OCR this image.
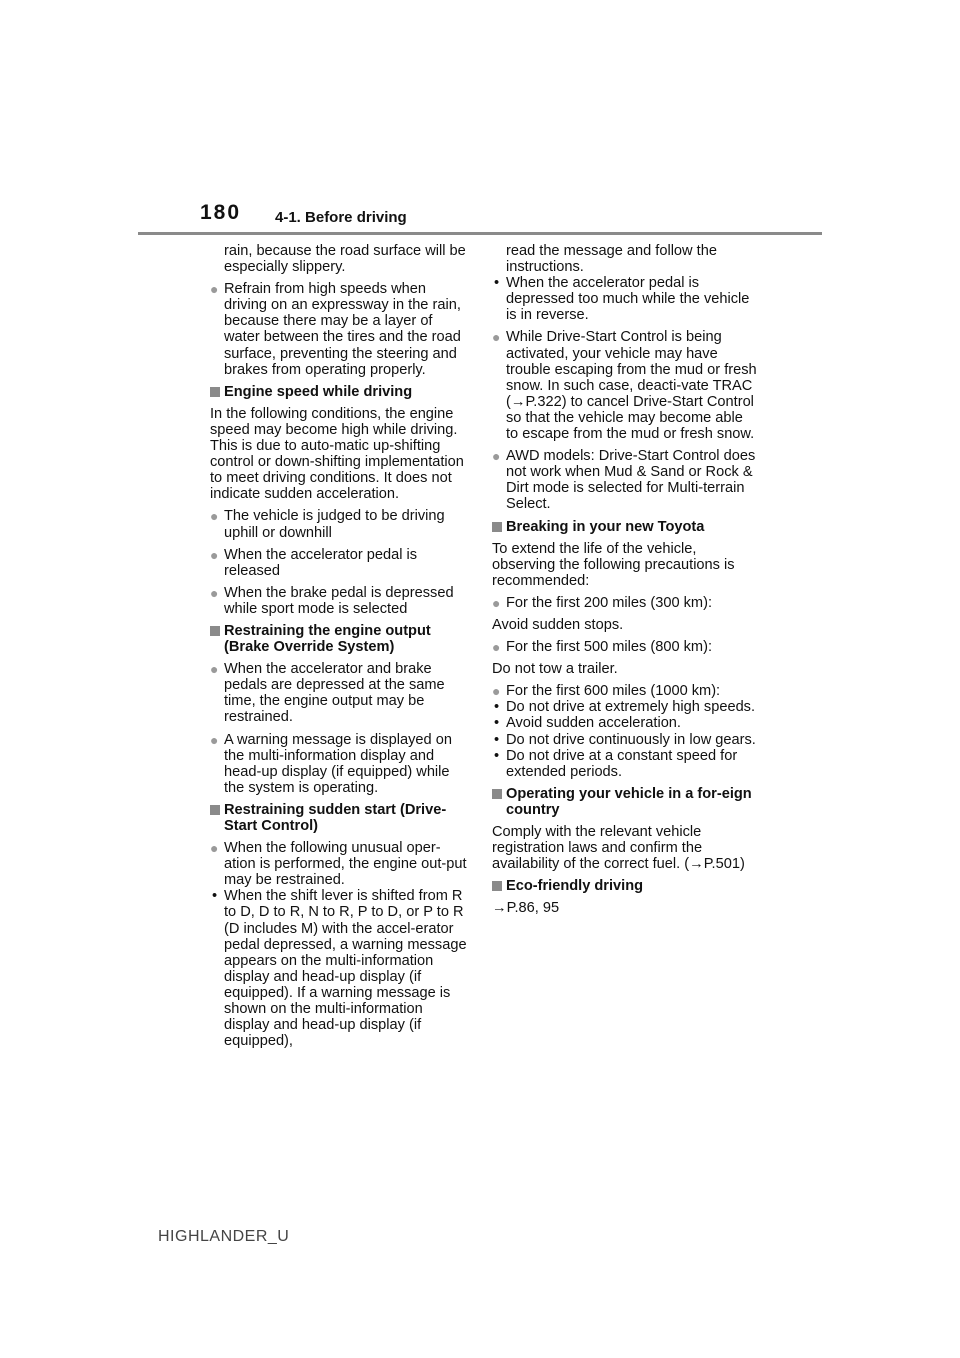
180 4-1. Before driving

rain, because the road surface will be especially slippery.

● Refrain from high speeds when driving on an expressway in the rain, because there may be a layer of water between the tires and the road surface, preventing the steering and brakes from operating properly.
Engine speed while driving

In the following conditions, the engine speed may become high while driving. This is due to auto-matic up-shifting control or down-shifting implementation to meet driving conditions. It does not indicate sudden acceleration.

● The vehicle is judged to be driving uphill or downhill
● When the accelerator pedal is released
● When the brake pedal is depressed while sport mode is selected
Restraining the engine output (Brake Override System)
● When the accelerator and brake pedals are depressed at the same time, the engine output may be restrained.
● A warning message is displayed on the multi-information display and head-up display (if equipped) while the system is operating.
Restraining sudden start (Drive-Start Control)
● When the following unusual oper-ation is performed, the engine out-put may be restrained.
• When the shift lever is shifted from R to D, D to R, N to R, P to D, or P to R (D includes M) with the accel-erator pedal depressed, a warning message appears on the multi-information display and head-up display (if equipped). If a warning message is shown on the multi-information display and head-up display (if equipped),

read the message and follow the instructions.

• When the accelerator pedal is depressed too much while the vehicle is in reverse.
● While Drive-Start Control is being activated, your vehicle may have trouble escaping from the mud or fresh snow. In such case, deacti-vate TRAC (→P.322) to cancel Drive-Start Control so that the vehicle may become able to escape from the mud or fresh snow.
● AWD models: Drive-Start Control does not work when Mud & Sand or Rock & Dirt mode is selected for Multi-terrain Select.
Breaking in your new Toyota

To extend the life of the vehicle, observing the following precautions is recommended:

● For the first 200 miles (300 km):

Avoid sudden stops.

● For the first 500 miles (800 km):

Do not tow a trailer.

● For the first 600 miles (1000 km):
• Do not drive at extremely high speeds.
• Avoid sudden acceleration.
• Do not drive continuously in low gears.
• Do not drive at a constant speed for extended periods.
Operating your vehicle in a for-eign country

Comply with the relevant vehicle registration laws and confirm the availability of the correct fuel. (→P.501)

Eco-friendly driving

→P.86, 95

HIGHLANDER_U
